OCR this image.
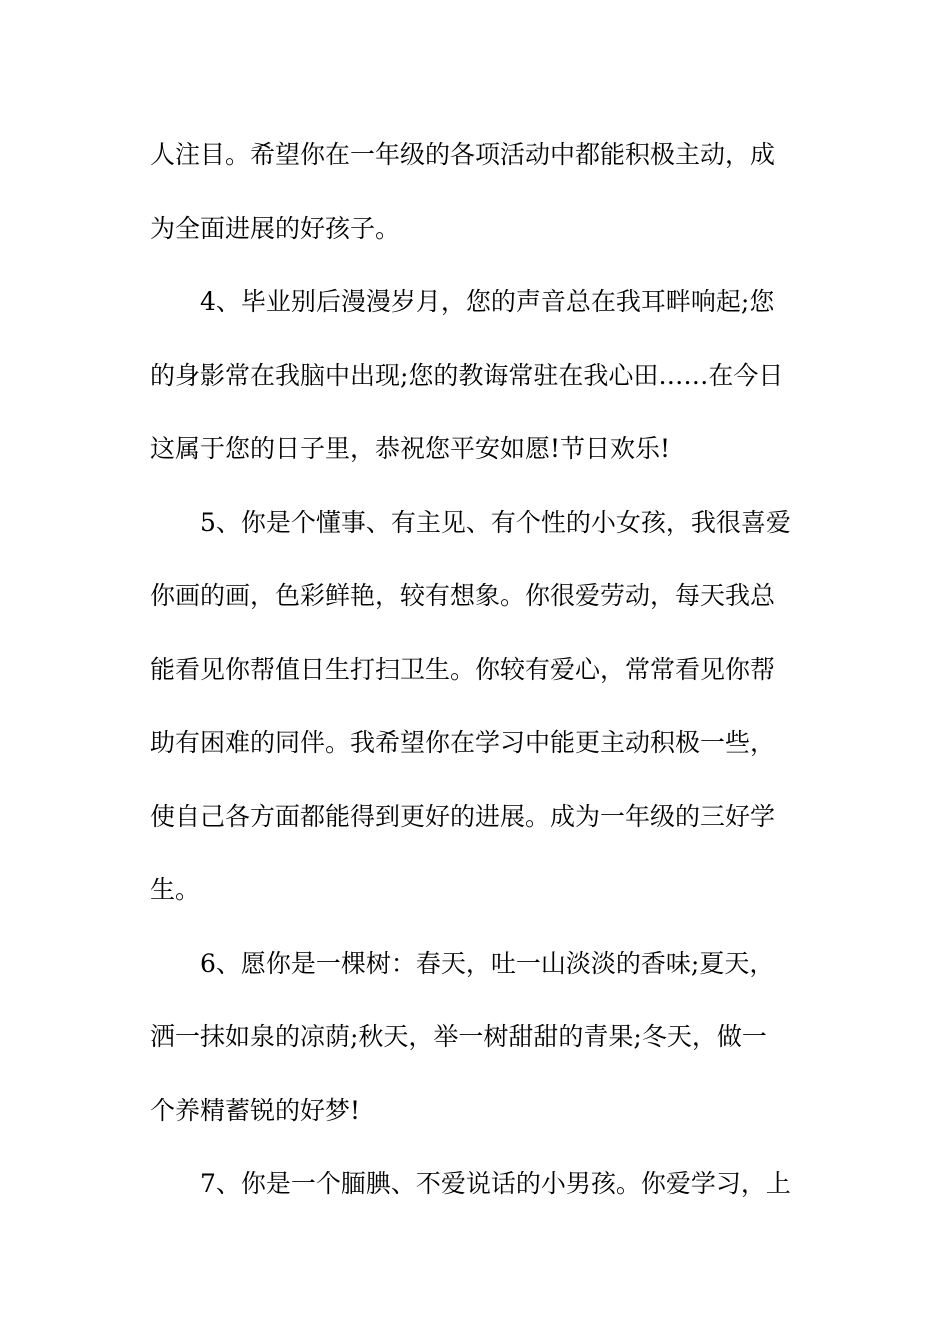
人注目。希望你在一年级的各项活动中都能积极主动，成
为全面进展的好孩子。
4、毕业别后漫漫岁月，您的声音总在我耳畔响起;您
的身影常在我脑中出现;您的教诲常驻在我心田……在今日
这属于您的日子里，恭祝您平安如愿!节日欢乐!
5、你是个懂事、有主见、有个性的小女孩，我很喜爱
你画的画，色彩鲜艳，较有想象。你很爱劳动，每天我总
能看见你帮值日生打扫卫生。你较有爱心，常常看见你帮
助有困难的同伴。我希望你在学习中能更主动积极一些，
使自己各方面都能得到更好的进展。成为一年级的三好学
生。
6、愿你是一棵树：春天，吐一山淡淡的香味;夏天，
洒一抹如泉的凉荫;秋天，举一树甜甜的青果;冬天，做一
个养精蓄锐的好梦!
7、你是一个腼腆、不爱说话的小男孩。你爱学习，上
